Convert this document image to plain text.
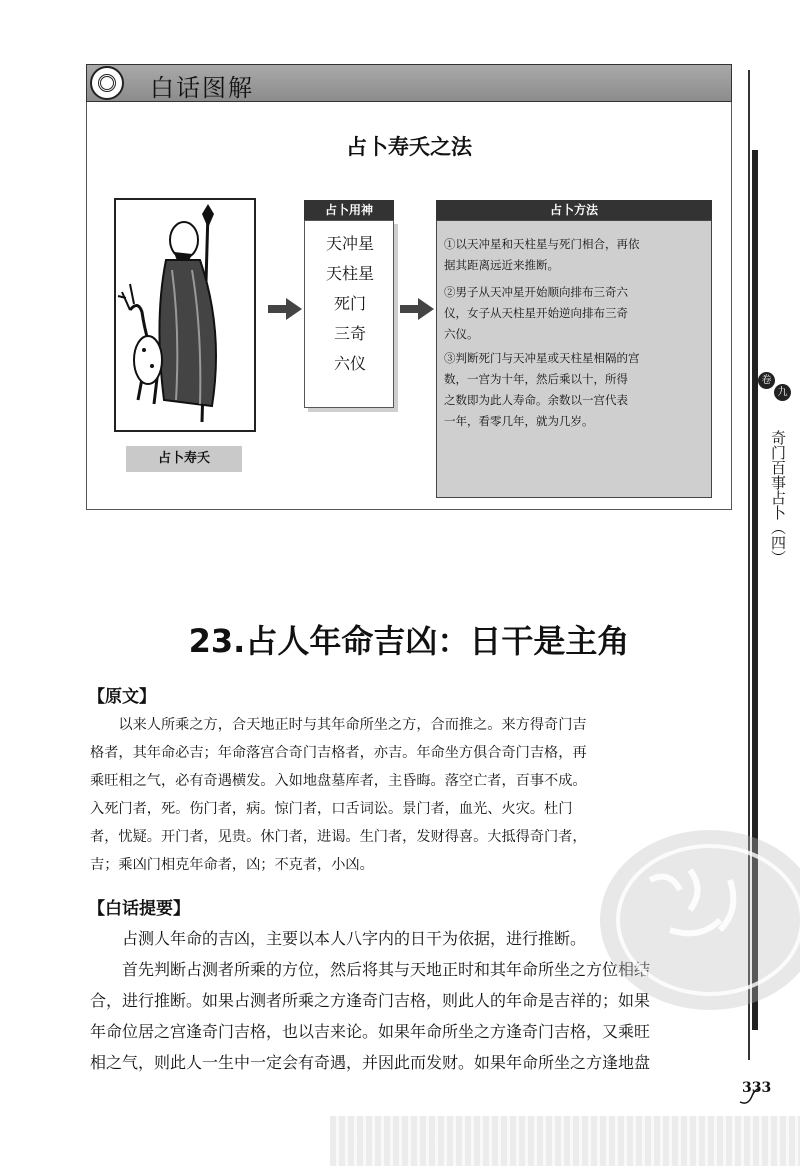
白话图解
占卜寿夭之法
占卜寿夭
占卜用神
天冲星
天柱星
死门
三奇
六仪
占卜方法
①以天冲星和天柱星与死门相合，再依
据其距离远近来推断。
②男子从天冲星开始顺向排布三奇六
仪，女子从天柱星开始逆向排布三奇
六仪。
③判断死门与天冲星或天柱星相隔的宫
数，一宫为十年，然后乘以十，所得
之数即为此人寿命。余数以一宫代表
一年，看零几年，就为几岁。
卷
九
奇门百事占卜（四）
23.占人年命吉凶：日干是主角
【原文】
　　以来人所乘之方，合天地正时与其年命所坐之方，合而推之。来方得奇门吉
格者，其年命必吉；年命落宫合奇门吉格者，亦吉。年命坐方俱合奇门吉格，再
乘旺相之气，必有奇遇横发。入如地盘墓库者，主昏晦。落空亡者，百事不成。
入死门者，死。伤门者，病。惊门者，口舌词讼。景门者，血光、火灾。杜门
者，忧疑。开门者，见贵。休门者，进谒。生门者，发财得喜。大抵得奇门者，
吉；乘凶门相克年命者，凶；不克者，小凶。
【白话提要】
　　占测人年命的吉凶，主要以本人八字内的日干为依据，进行推断。
　　首先判断占测者所乘的方位，然后将其与天地正时和其年命所坐之方位相结
合，进行推断。如果占测者所乘之方逢奇门吉格，则此人的年命是吉祥的；如果
年命位居之宫逢奇门吉格，也以吉来论。如果年命所坐之方逢奇门吉格，又乘旺
相之气，则此人一生中一定会有奇遇，并因此而发财。如果年命所坐之方逢地盘
333
